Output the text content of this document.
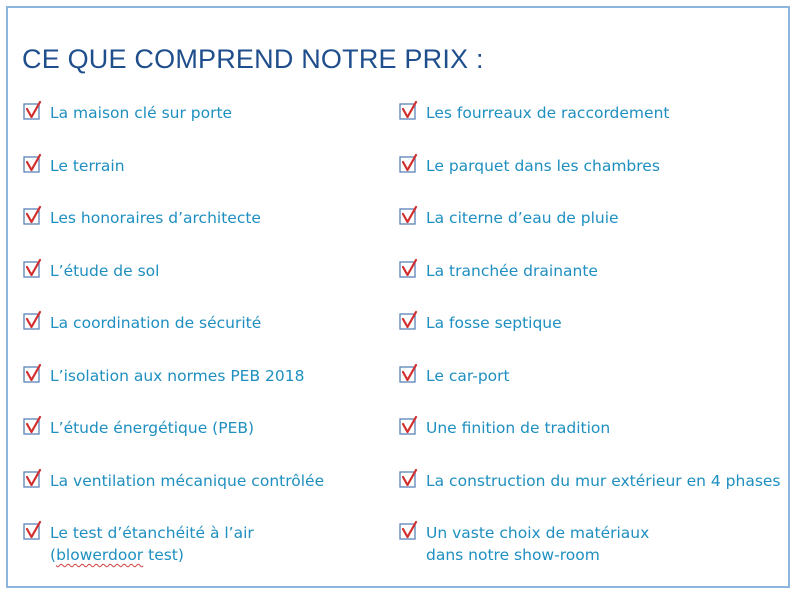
CE QUE COMPREND NOTRE PRIX :
La maison clé sur porte
Le terrain
Les honoraires d’architecte
L’étude de sol
La coordination de sécurité
L’isolation aux normes PEB 2018
L’étude énergétique (PEB)
La ventilation mécanique contrôlée
Le test d’étanchéité à l’air
(blowerdoor test)
Les fourreaux de raccordement
Le parquet dans les chambres
La citerne d’eau de pluie
La tranchée drainante
La fosse septique
Le car-port
Une finition de tradition
La construction du mur extérieur en 4 phases
Un vaste choix de matériaux
dans notre show-room
